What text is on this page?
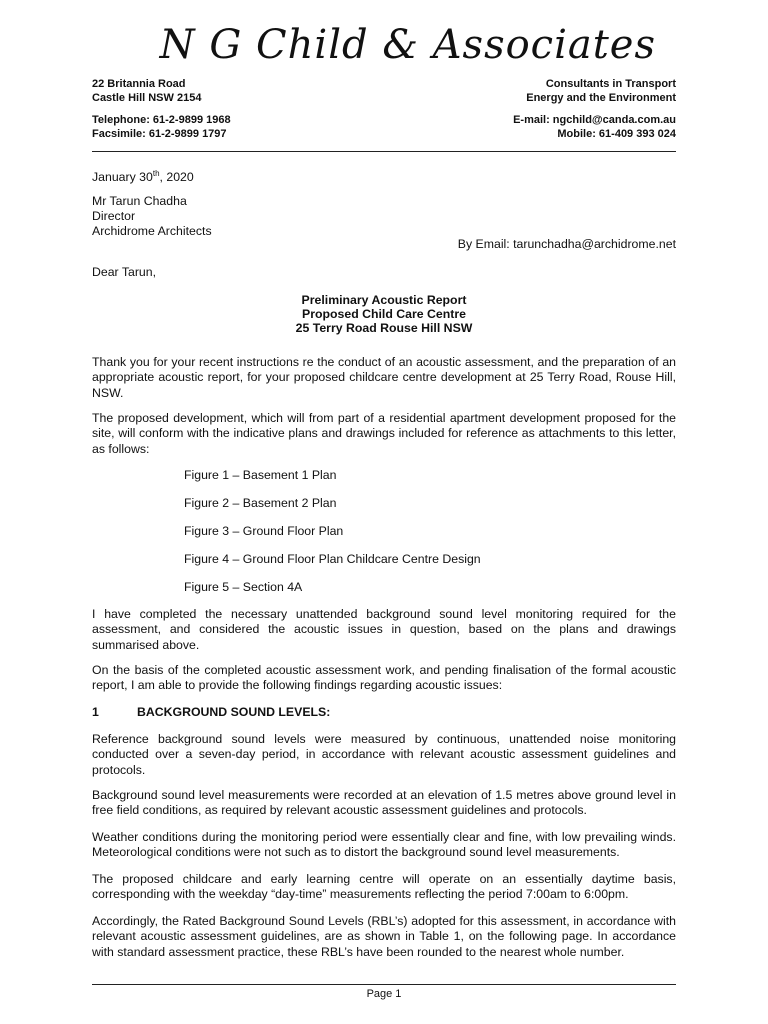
N G Child & Associates
22 Britannia Road	Consultants in Transport
Castle Hill NSW 2154	Energy and the Environment
Telephone: 61-2-9899 1968	E-mail: ngchild@canda.com.au
Facsimile: 61-2-9899 1797	Mobile: 61-409 393 024
January 30th, 2020
Mr Tarun Chadha
Director
Archidrome Architects
By Email: tarunchadha@archidrome.net
Dear Tarun,
Preliminary Acoustic Report
Proposed Child Care Centre
25 Terry Road Rouse Hill NSW
Thank you for your recent instructions re the conduct of an acoustic assessment, and the preparation of an appropriate acoustic report, for your proposed childcare centre development at 25 Terry Road, Rouse Hill, NSW.
The proposed development, which will from part of a residential apartment development proposed for the site, will conform with the indicative plans and drawings included for reference as attachments to this letter, as follows:
Figure 1 – Basement 1 Plan
Figure 2 – Basement 2 Plan
Figure 3 – Ground Floor Plan
Figure 4 – Ground Floor Plan Childcare Centre Design
Figure 5 – Section 4A
I have completed the necessary unattended background sound level monitoring required for the assessment, and considered the acoustic issues in question, based on the plans and drawings summarised above.
On the basis of the completed acoustic assessment work, and pending finalisation of the formal acoustic report, I am able to provide the following findings regarding acoustic issues:
1	BACKGROUND SOUND LEVELS:
Reference background sound levels were measured by continuous, unattended noise monitoring conducted over a seven-day period, in accordance with relevant acoustic assessment guidelines and protocols.
Background sound level measurements were recorded at an elevation of 1.5 metres above ground level in free field conditions, as required by relevant acoustic assessment guidelines and protocols.
Weather conditions during the monitoring period were essentially clear and fine, with low prevailing winds. Meteorological conditions were not such as to distort the background sound level measurements.
The proposed childcare and early learning centre will operate on an essentially daytime basis, corresponding with the weekday “day-time” measurements reflecting the period 7:00am to 6:00pm.
Accordingly, the Rated Background Sound Levels (RBL’s) adopted for this assessment, in accordance with relevant acoustic assessment guidelines, are as shown in Table 1, on the following page. In accordance with standard assessment practice, these RBL’s have been rounded to the nearest whole number.
Page 1
